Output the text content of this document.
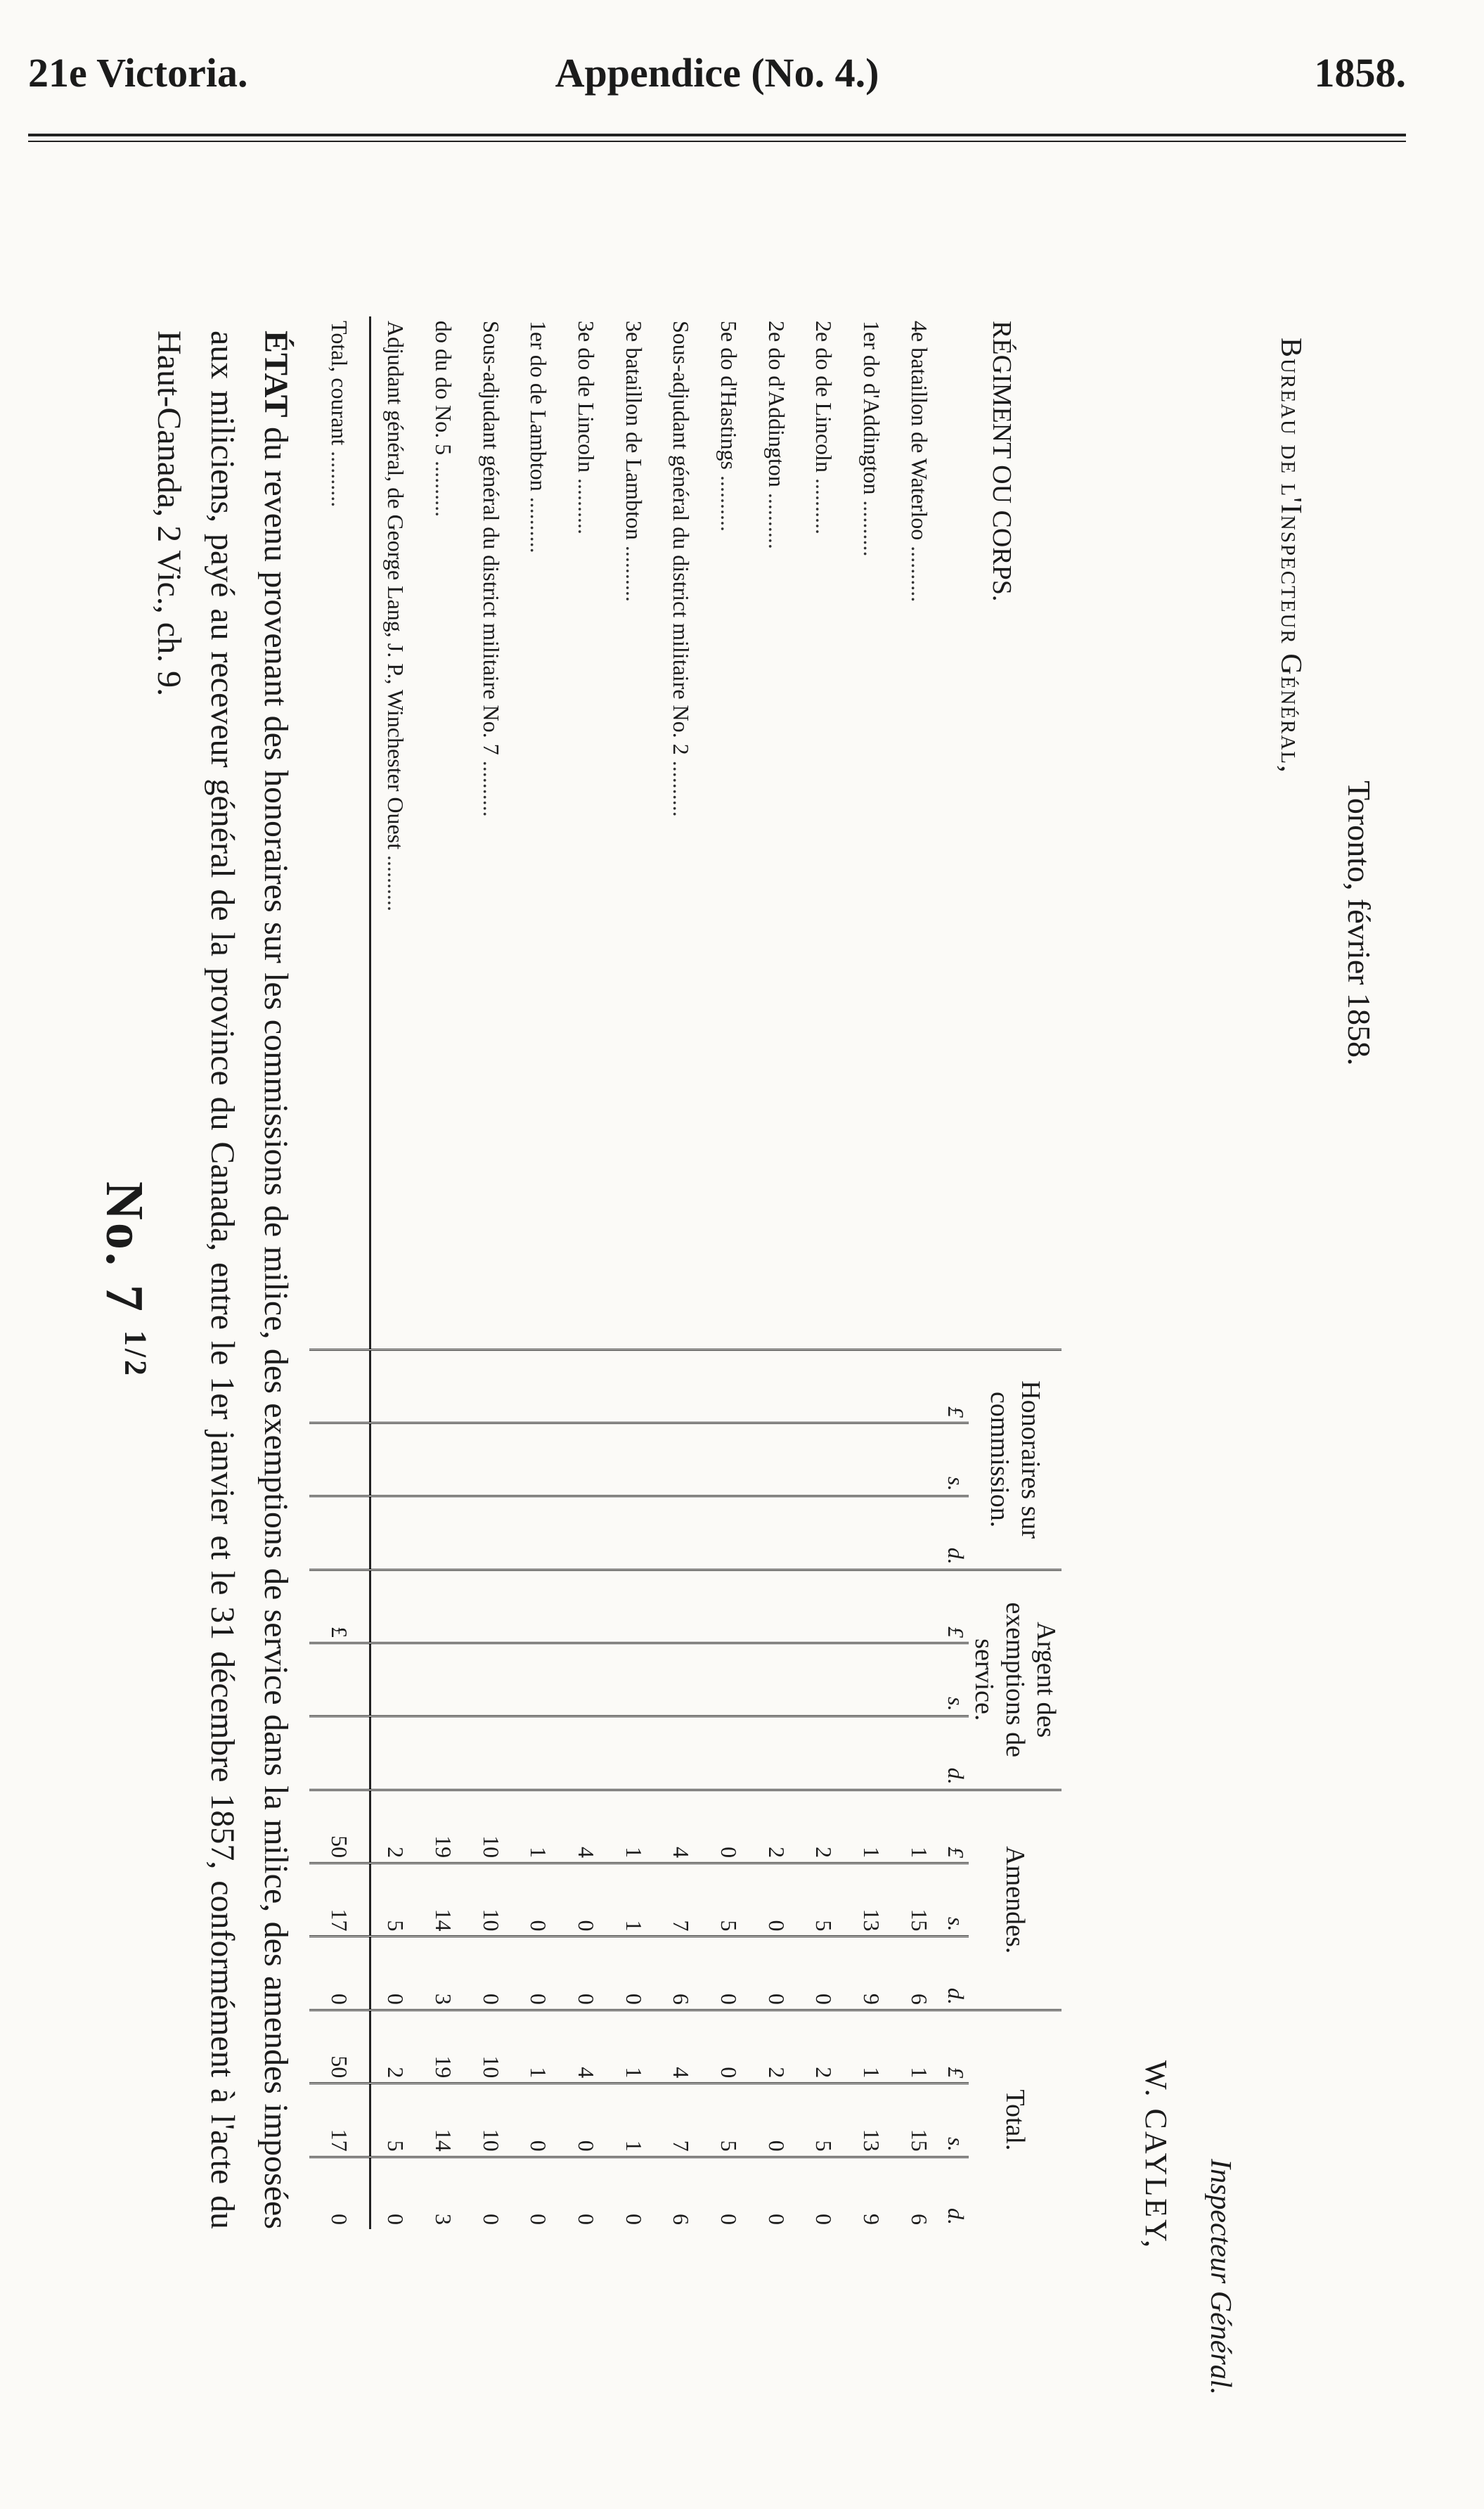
21e Victoria.	Appendice (No. 4.)	1858.
No. 7 $^{1/2}$
ÉTAT du revenu provenant des honoraires sur les commissions de milice, des exemptions de service dans la milice, des amendes imposées aux miliciens, payé au receveur général de la province du Canada, entre le 1er janvier et le 31 décembre 1857, conformément à l'acte du Haut-Canada, 2 Vic., ch. 9.	RÉGIMENT OU CORPS.	Honoraires sur commission.			Argent des exemptions de service.			Amendes.			Total.		
	£	s.	d.	£	s.	d.	£	s.	d.	£	s.	d.
4e bataillon de Waterloo ..........							1	15	6	1	15	6
1er do d'Addington ..........							1	13	9	1	13	9
2e do de Lincoln ..........							2	5	0	2	5	0
2e do d'Addington ..........							2	0	0	2	0	0
5e do d'Hastings ..........							0	5	0	0	5	0
Sous-adjudant général du district militaire No. 2 ..........							4	7	6	4	7	6
3e bataillon de Lambton ..........							1	1	0	1	1	0
3e do de Lincoln ..........							4	0	0	4	0	0
1er do de Lambton ..........							1	0	0	1	0	0
Sous-adjudant général du district militaire No. 7 ..........							10	10	0	10	10	0
do du do No. 5 ..........							19	14	3	19	14	3
Adjudant général, de George Lang, J. P., Winchester Ouest ..........							2	5	0	2	5	0
Total, courant ..........				£			50	17	0	50	17	0	W. CAYLEY,
Inspecteur Général.
Bureau de l'Inspecteur Général,
Toronto, février 1858.
